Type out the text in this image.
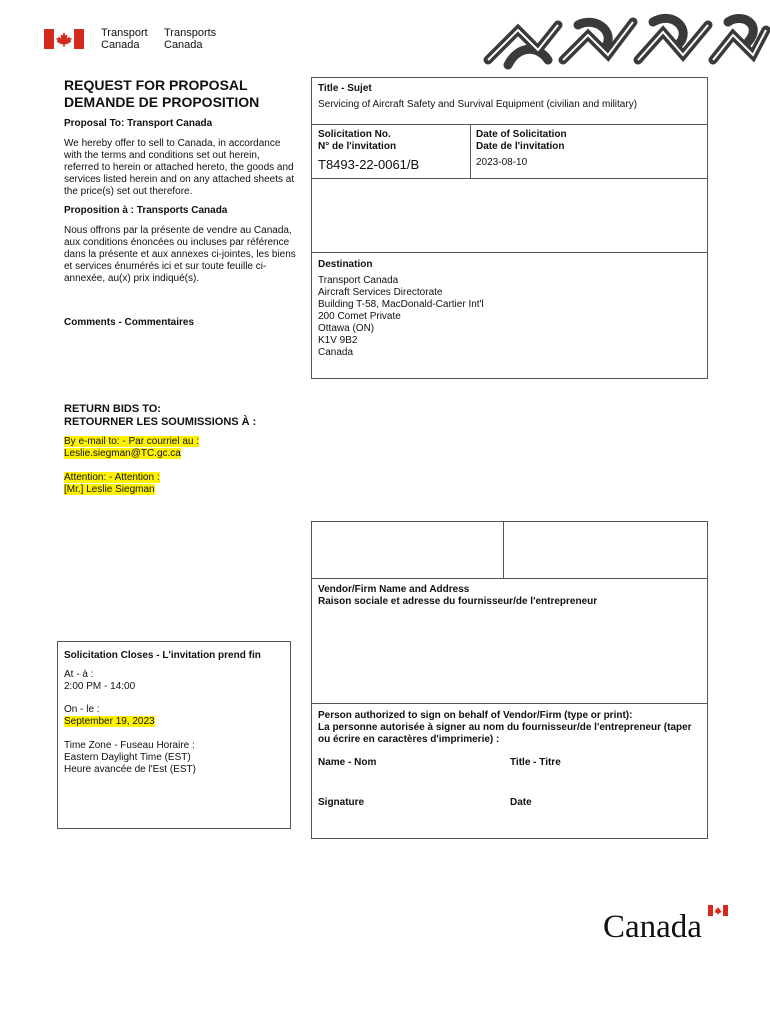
Transport
Canada
Transports
Canada
REQUEST FOR PROPOSAL
DEMANDE DE PROPOSITION
Proposal To: Transport Canada
We hereby offer to sell to Canada, in accordance with the terms and conditions set out herein, referred to herein or attached hereto, the goods and services listed herein and on any attached sheets at the price(s) set out therefore.
Proposition à : Transports Canada
Nous offrons par la présente de vendre au Canada, aux conditions énoncées ou incluses par référence dans la présente et aux annexes ci-jointes, les biens et services énumérés ici et sur toute feuille ci-annexée, au(x) prix indiqué(s).
Comments - Commentaires
Title - Sujet
Servicing of Aircraft Safety and Survival Equipment (civilian and military)
Solicitation No.
N° de l'invitation
T8493-22-0061/B
Date of Solicitation
Date de l'invitation
2023-08-10
Destination
Transport Canada
Aircraft Services Directorate
Building T-58, MacDonald-Cartier Int'l
200 Comet Private
Ottawa (ON)
K1V 9B2
Canada
RETURN BIDS TO:
RETOURNER LES SOUMISSIONS À :
By e-mail to: - Par courriel au :
Leslie.siegman@TC.gc.ca
Attention: - Attention :
[Mr.] Leslie Siegman
Vendor/Firm Name and Address
Raison sociale et adresse du fournisseur/de l'entrepreneur
Person authorized to sign on behalf of Vendor/Firm (type or print):
La personne autorisée à signer au nom du fournisseur/de l'entrepreneur (taper ou écrire en caractères d'imprimerie) :
Name - Nom	Title - Titre
Signature	Date
Solicitation Closes - L'invitation prend fin
At - à :
2:00 PM - 14:00
On - le :
September 19, 2023
Time Zone - Fuseau Horaire :
Eastern Daylight Time (EST)
Heure avancée de l'Est (EST)
Canada
